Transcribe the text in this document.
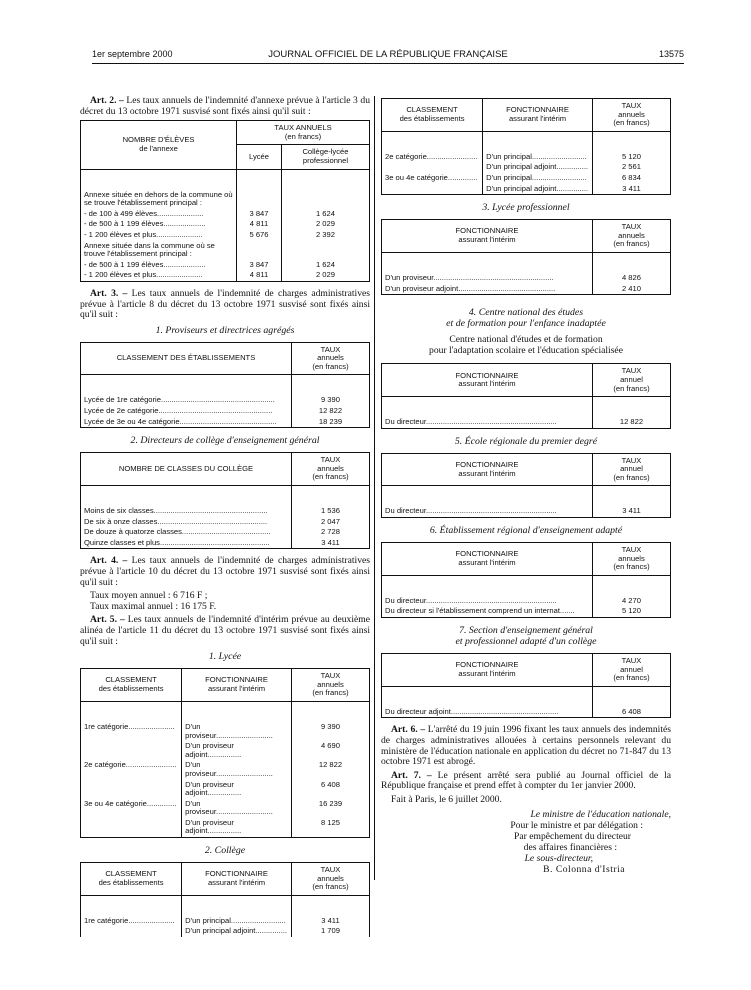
1er septembre 2000	JOURNAL OFFICIEL DE LA RÉPUBLIQUE FRANÇAISE	13575

Art. 2. – Les taux annuels de l'indemnité d'annexe prévue à l'article 3 du décret du 13 octobre 1971 susvisé sont fixés ainsi qu'il suit :

NOMBRE D'ÉLÈVES
de l'annexe	TAUX ANNUELS
(en francs)	
	Lycée	Collège-lycée
professionnel

Annexe située en dehors de la commune où se trouve l'établissement principal :		
- de 100 à 499 élèves......................	3 847	1 624
- de 500 à 1 199 élèves....................	4 811	2 029
- 1 200 élèves et plus......................	5 676	2 392
Annexe située dans la commune où se trouve l'établissement principal :		
- de 500 à 1 199 élèves....................	3 847	1 624
- 1 200 élèves et plus......................	4 811	2 029

Art. 3. – Les taux annuels de l'indemnité de charges administratives prévue à l'article 8 du décret du 13 octobre 1971 susvisé sont fixés ainsi qu'il suit :

1. Proviseurs et directrices agrégés
CLASSEMENT DES ÉTABLISSEMENTS	TAUX
annuels
(en francs)

Lycée de 1re catégorie......................................................	9 390
Lycée de 2e catégorie......................................................	12 822
Lycée de 3e ou 4e catégorie..............................................	18 239
2. Directeurs de collège d'enseignement général
NOMBRE DE CLASSES DU COLLÈGE	TAUX
annuels
(en francs)

Moins de six classes......................................................	1 536
De six à onze classes....................................................	2 047
De douze à quatorze classes..........................................	2 728
Quinze classes et plus....................................................	3 411

Art. 4. – Les taux annuels de l'indemnité de charges administratives prévue à l'article 10 du décret du 13 octobre 1971 susvisé sont fixés ainsi qu'il suit :

Taux moyen annuel : 6 716 F ;

Taux maximal annuel : 16 175 F.

Art. 5. – Les taux annuels de l'indemnité d'intérim prévue au deuxième alinéa de l'article 11 du décret du 13 octobre 1971 susvisé sont fixés ainsi qu'il suit :

1. Lycée
CLASSEMENT
des établissements	FONCTIONNAIRE
assurant l'intérim	TAUX
annuels
(en francs)

1re catégorie......................	D'un proviseur...........................	9 390
	D'un proviseur adjoint................	4 690
2e catégorie........................	D'un proviseur...........................	12 822
	D'un proviseur adjoint................	6 408
3e ou 4e catégorie..............	D'un proviseur...........................	16 239
	D'un proviseur adjoint................	8 125
2. Collège
CLASSEMENT
des établissements	FONCTIONNAIRE
assurant l'intérim	TAUX
annuels
(en francs)

1re catégorie......................	D'un principal..........................	3 411
	D'un principal adjoint...............	1 709
CLASSEMENT
des établissements	FONCTIONNAIRE
assurant l'intérim	TAUX
annuels
(en francs)

2e catégorie........................	D'un principal..........................	5 120
	D'un principal adjoint...............	2 561
3e ou 4e catégorie..............	D'un principal..........................	6 834
	D'un principal adjoint...............	3 411
3. Lycée professionnel
FONCTIONNAIRE
assurant l'intérim	TAUX
annuels
(en francs)

D'un proviseur.........................................................	4 826
D'un proviseur adjoint..............................................	2 410
4. Centre national des études
et de formation pour l'enfance inadaptée
Centre national d'études et de formation
pour l'adaptation scolaire et l'éducation spécialisée
FONCTIONNAIRE
assurant l'intérim	TAUX
annuel
(en francs)

Du directeur..............................................................	12 822
5. École régionale du premier degré
FONCTIONNAIRE
assurant l'intérim	TAUX
annuel
(en francs)

Du directeur..............................................................	3 411
6. Établissement régional d'enseignement adapté
FONCTIONNAIRE
assurant l'intérim	TAUX
annuels
(en francs)

Du directeur..............................................................	4 270
Du directeur si l'établissement comprend un internat.......	5 120
7. Section d'enseignement général
et professionnel adapté d'un collège
FONCTIONNAIRE
assurant l'intérim	TAUX
annuel
(en francs)

Du directeur adjoint...................................................	6 408

Art. 6. – L'arrêté du 19 juin 1996 fixant les taux annuels des indemnités de charges administratives allouées à certains personnels relevant du ministère de l'éducation nationale en application du décret no 71-847 du 13 octobre 1971 est abrogé.

Art. 7. – Le présent arrêté sera publié au Journal officiel de la République française et prend effet à compter du 1er janvier 2000.

Fait à Paris, le 6 juillet 2000.

Le ministre de l'éducation nationale,
Pour le ministre et par délégation :
Par empêchement du directeur
des affaires financières :
Le sous-directeur,
B. Colonna d'Istria
